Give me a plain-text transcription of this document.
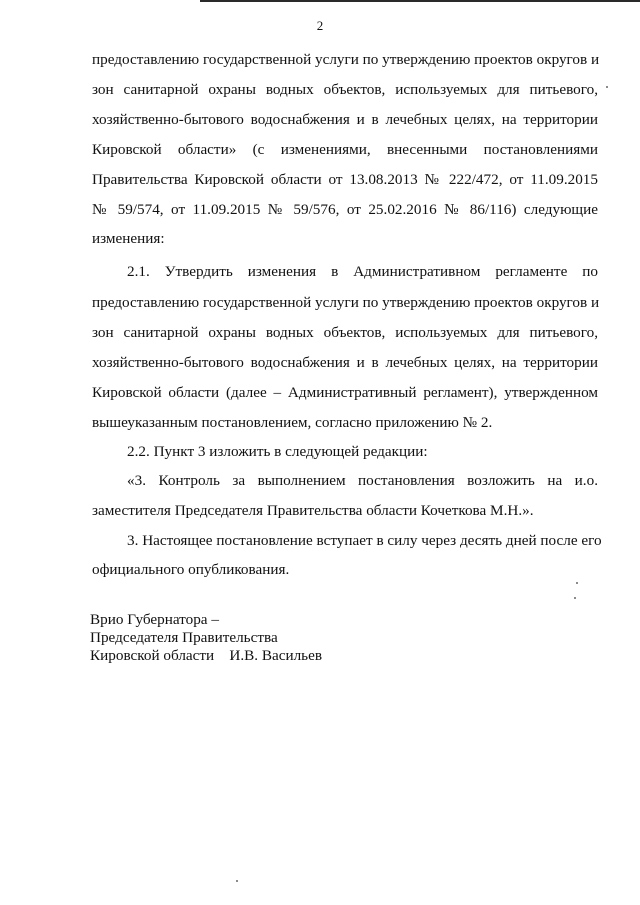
2
предоставлению государственной услуги по утверждению проектов округов и
зон санитарной охраны водных объектов, используемых для питьевого,
хозяйственно-бытового водоснабжения и в лечебных целях, на территории
Кировской области» (с изменениями, внесенными постановлениями
Правительства Кировской области от 13.08.2013 № 222/472, от 11.09.2015
№ 59/574, от 11.09.2015 № 59/576, от 25.02.2016 № 86/116) следующие
изменения:
2.1. Утвердить изменения в Административном регламенте по
предоставлению государственной услуги по утверждению проектов округов и
зон санитарной охраны водных объектов, используемых для питьевого,
хозяйственно-бытового водоснабжения и в лечебных целях, на территории
Кировской области (далее – Административный регламент), утвержденном
вышеуказанным постановлением, согласно приложению № 2.
2.2. Пункт 3 изложить в следующей редакции:
«3. Контроль за выполнением постановления возложить на и.о.
заместителя Председателя Правительства области Кочеткова М.Н.».
3. Настоящее постановление вступает в силу через десять дней после его
официального опубликования.
Врио Губернатора –
Председателя Правительства
Кировской области    И.В. Васильев
